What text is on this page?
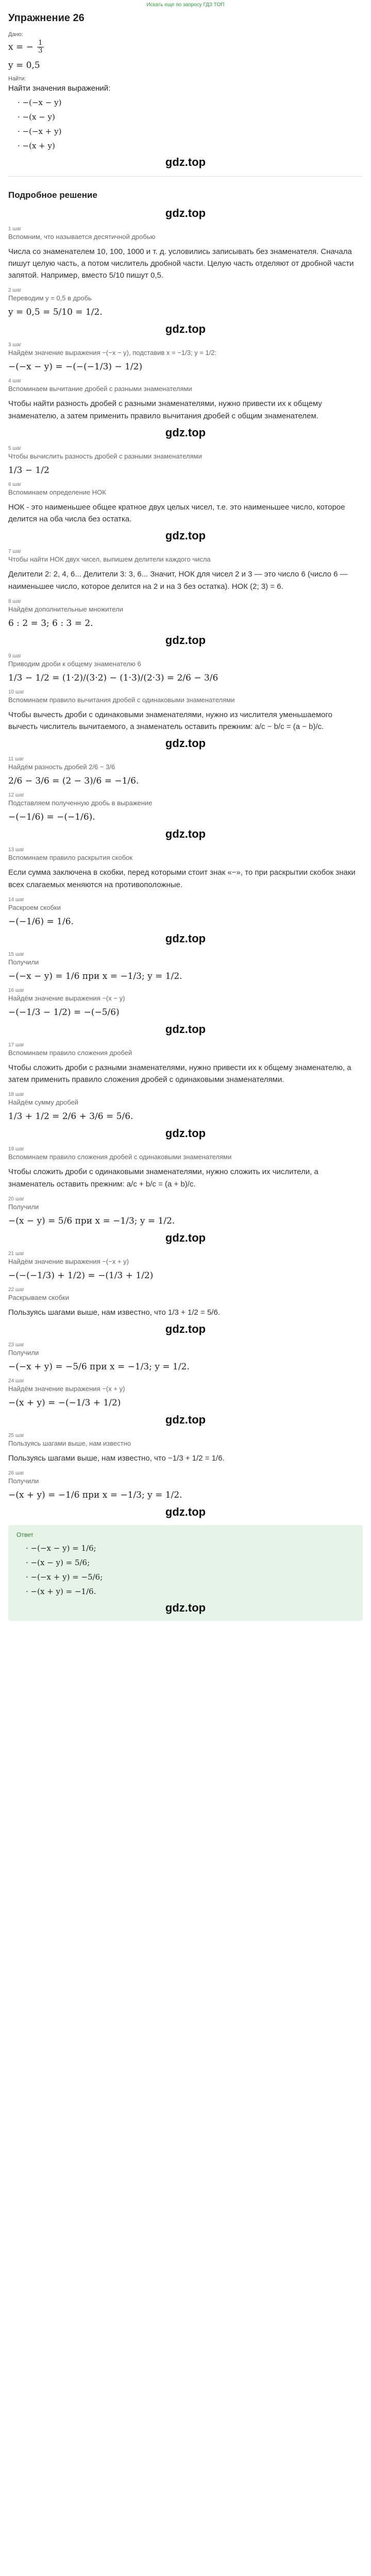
Искать еще по запросу ГДЗ ТОП
Упражнение 26
Дано:
x = − $\frac{1}{3}$
y = 0,5
Найти:
Найти значения выражений:
· −(−x − y)
· −(x − y)
· −(−x + y)
· −(x + y)
gdz.top
Подробное решение
gdz.top
1 шаг
Вспомним, что называется десятичной дробью
Числа со знаменателем 10, 100, 1000 и т. д. условились записывать без знаменателя. Сначала пишут целую часть, а потом числитель дробной части. Целую часть отделяют от дробной части запятой. Например, вместо 5/10 пишут 0,5.
2 шаг
Переводим y = 0,5 в дробь
y = 0,5 = 5/10 = 1/2.
gdz.top
3 шаг
Найдём значение выражения −(−x − y), подставив x = −1/3; y = 1/2:
−(−x − y) = −(−(−1/3) − 1/2)
4 шаг
Вспоминаем вычитание дробей с разными знаменателями
Чтобы найти разность дробей с разными знаменателями, нужно привести их к общему знаменателю, а затем применить правило вычитания дробей с общим знаменателем.
gdz.top
5 шаг
Чтобы вычислить разность дробей с разными знаменателями
1/3 − 1/2
6 шаг
Вспоминаем определение НОК
НОК - это наименьшее общее кратное двух целых чисел, т.е. это наименьшее число, которое делится на оба числа без остатка.
gdz.top
7 шаг
Чтобы найти НОК двух чисел, выпишем делители каждого числа
Делители 2: 2, 4, 6... Делители 3: 3, 6... Значит, НОК для чисел 2 и 3 — это число 6 (число 6 — наименьшее число, которое делится на 2 и на 3 без остатка). НОК (2; 3) = 6.
8 шаг
Найдём дополнительные множители
6 : 2 = 3; 6 : 3 = 2.
gdz.top
9 шаг
Приводим дроби к общему знаменателю 6
1/3 − 1/2 = (1·2)/(3·2) − (1·3)/(2·3) = 2/6 − 3/6
10 шаг
Вспоминаем правило вычитания дробей с одинаковыми знаменателями
Чтобы вычесть дроби с одинаковыми знаменателями, нужно из числителя уменьшаемого вычесть числитель вычитаемого, а знаменатель оставить прежним: a/c − b/c = (a − b)/c.
gdz.top
11 шаг
Найдём разность дробей 2/6 − 3/6
2/6 − 3/6 = (2 − 3)/6 = −1/6.
12 шаг
Подставляем полученную дробь в выражение
−(−1/6) = −(−1/6).
gdz.top
13 шаг
Вспоминаем правило раскрытия скобок
Если сумма заключена в скобки, перед которыми стоит знак «−», то при раскрытии скобок знаки всех слагаемых меняются на противоположные.
14 шаг
Раскроем скобки
−(−1/6) = 1/6.
gdz.top
15 шаг
Получили
−(−x − y) = 1/6 при x = −1/3; y = 1/2.
16 шаг
Найдём значение выражения −(x − y)
−(−1/3 − 1/2) = −(−5/6)
gdz.top
17 шаг
Вспоминаем правило сложения дробей
Чтобы сложить дроби с разными знаменателями, нужно привести их к общему знаменателю, а затем применить правило сложения дробей с одинаковыми знаменателями.
18 шаг
Найдём сумму дробей
1/3 + 1/2 = 2/6 + 3/6 = 5/6.
gdz.top
19 шаг
Вспоминаем правило сложения дробей с одинаковыми знаменателями
Чтобы сложить дроби с одинаковыми знаменателями, нужно сложить их числители, а знаменатель оставить прежним: a/c + b/c = (a + b)/c.
20 шаг
Получили
−(x − y) = 5/6 при x = −1/3; y = 1/2.
gdz.top
21 шаг
Найдём значение выражения −(−x + y)
−(−(−1/3) + 1/2) = −(1/3 + 1/2)
22 шаг
Раскрываем скобки
Пользуясь шагами выше, нам известно, что 1/3 + 1/2 = 5/6.
gdz.top
23 шаг
Получили
−(−x + y) = −5/6 при x = −1/3; y = 1/2.
24 шаг
Найдём значение выражения −(x + y)
−(x + y) = −(−1/3 + 1/2)
gdz.top
25 шаг
Пользуясь шагами выше, нам известно
Пользуясь шагами выше, нам известно, что −1/3 + 1/2 = 1/6.
26 шаг
Получили
−(x + y) = −1/6 при x = −1/3; y = 1/2.
gdz.top
Ответ
· −(−x − y) = 1/6;
· −(x − y) = 5/6;
· −(−x + y) = −5/6;
· −(x + y) = −1/6.
gdz.top
